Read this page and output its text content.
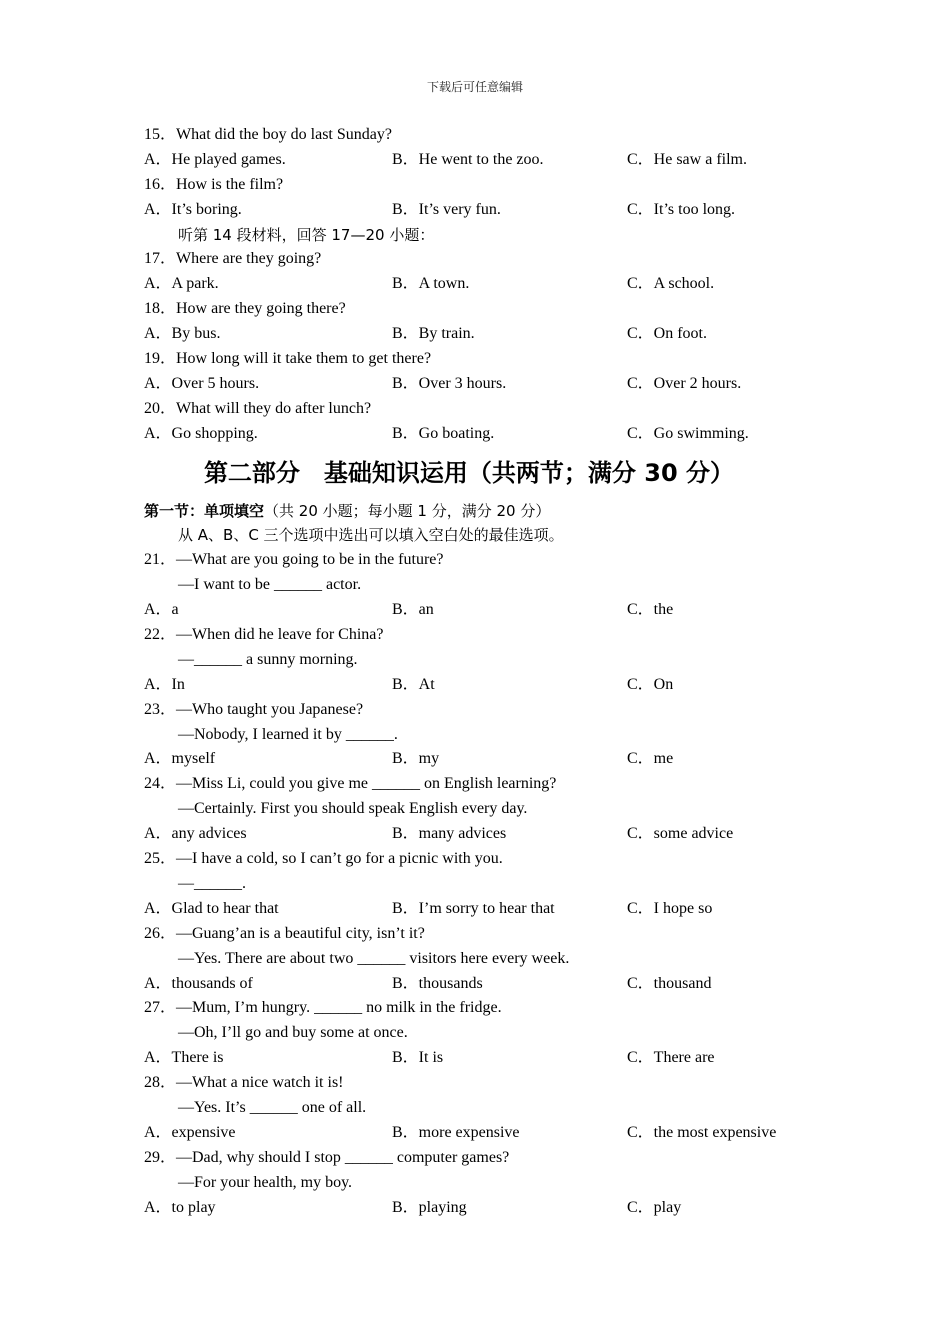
下载后可任意编辑
15．What did the boy do last Sunday?
A．He played games.	B．He went to the zoo.	C．He saw a film.
16．How is the film?
A．It’s boring.	B．It’s very fun.	C．It’s too long.
听第 14 段材料，回答 17—20 小题：
17．Where are they going?
A．A park.	B．A town.	C．A school.
18．How are they going there?
A．By bus.	B．By train.	C．On foot.
19．How long will it take them to get there?
A．Over 5 hours.	B．Over 3 hours.	C．Over 2 hours.
20．What will they do after lunch?
A．Go shopping.	B．Go boating.	C．Go swimming.
第二部分　基础知识运用（共两节；满分 30 分）
第一节：单项填空（共 20 小题；每小题 1 分，满分 20 分）
从 A、B、C 三个选项中选出可以填入空白处的最佳选项。
21．—What are you going to be in the future?
—I want to be ______ actor.
A．a	B．an	C．the
22．—When did he leave for China?
—______ a sunny morning.
A．In	B．At	C．On
23．—Who taught you Japanese?
—Nobody, I learned it by ______.
A．myself	B．my	C．me
24．—Miss Li, could you give me ______ on English learning?
—Certainly. First you should speak English every day.
A．any advices	B．many advices	C．some advice
25．—I have a cold, so I can’t go for a picnic with you.
—______.
A．Glad to hear that	B．I’m sorry to hear that	C．I hope so
26．—Guang’an is a beautiful city, isn’t it?
—Yes. There are about two ______ visitors here every week.
A．thousands of	B．thousands	C．thousand
27．—Mum, I’m hungry. ______ no milk in the fridge.
—Oh, I’ll go and buy some at once.
A．There is	B．It is	C．There are
28．—What a nice watch it is!
—Yes. It’s ______ one of all.
A．expensive	B．more expensive	C．the most expensive
29．—Dad, why should I stop ______ computer games?
—For your health, my boy.
A．to play	B．playing	C．play
